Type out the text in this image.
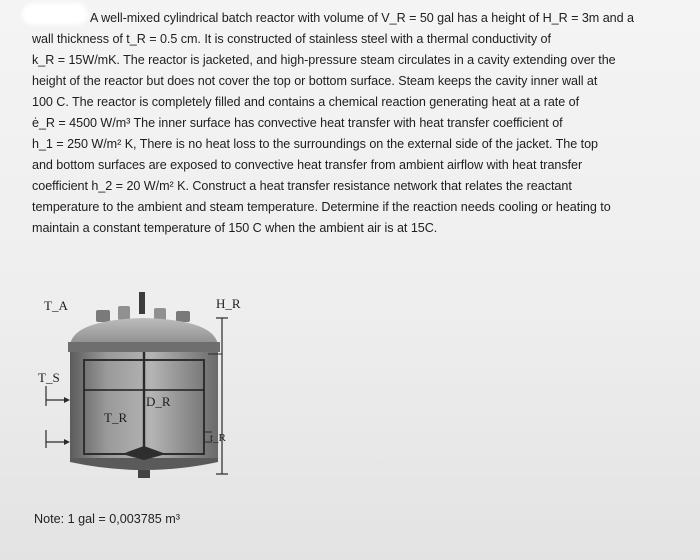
A well-mixed cylindrical batch reactor with volume of V_R = 50 gal has a height of H_R = 3m and a
wall thickness of t_R = 0.5 cm. It is constructed of stainless steel with a thermal conductivity of
k_R = 15W/mK. The reactor is jacketed, and high-pressure steam circulates in a cavity extending over the
height of the reactor but does not cover the top or bottom surface. Steam keeps the cavity inner wall at
100 C. The reactor is completely filled and contains a chemical reaction generating heat at a rate of
ė_R = 4500 W/m³ The inner surface has convective heat transfer with heat transfer coefficient of
h_1 = 250 W/m² K, There is no heat loss to the surroundings on the external side of the jacket. The top
and bottom surfaces are exposed to convective heat transfer from ambient airflow with heat transfer
coefficient h_2 = 20 W/m² K. Construct a heat transfer resistance network that relates the reactant
temperature to the ambient and steam temperature. Determine if the reaction needs cooling or heating to
maintain a constant temperature of 150 C when the ambient air is at 15C.
T_A
T_S
T_R
D_R
H_R
t_R
Note: 1 gal = 0,003785 m³
